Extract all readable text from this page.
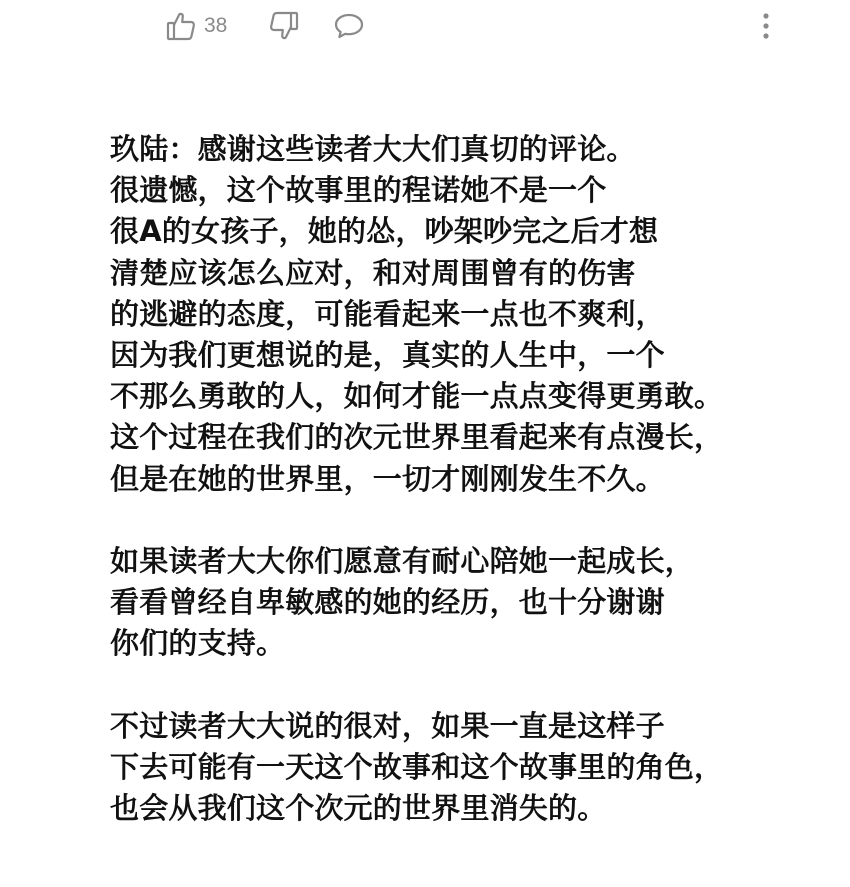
38
玖陆：感谢这些读者大大们真切的评论。
很遗憾，这个故事里的程诺她不是一个
很A的女孩子，她的怂，吵架吵完之后才想
清楚应该怎么应对，和对周围曾有的伤害
的逃避的态度，可能看起来一点也不爽利，
因为我们更想说的是，真实的人生中，一个
不那么勇敢的人，如何才能一点点变得更勇敢。
这个过程在我们的次元世界里看起来有点漫长，
但是在她的世界里，一切才刚刚发生不久。
如果读者大大你们愿意有耐心陪她一起成长，
看看曾经自卑敏感的她的经历，也十分谢谢
你们的支持。
不过读者大大说的很对，如果一直是这样子
下去可能有一天这个故事和这个故事里的角色，
也会从我们这个次元的世界里消失的。
